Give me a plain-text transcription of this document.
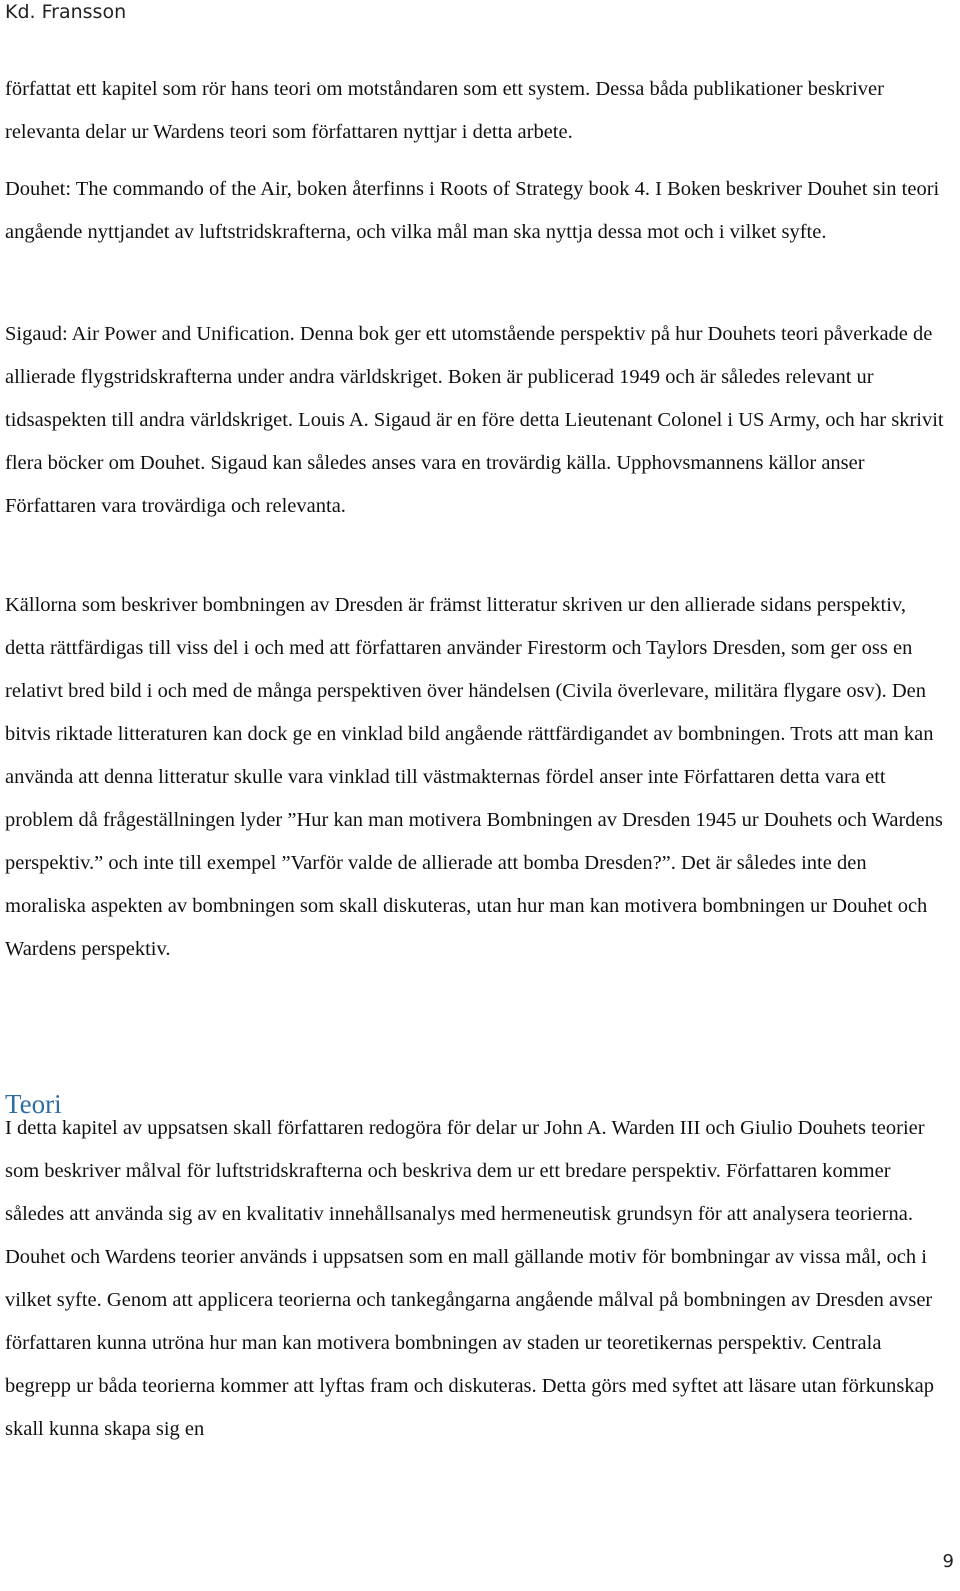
Kd. Fransson

författat ett kapitel som rör hans teori om motståndaren som ett system. Dessa båda publikationer beskriver relevanta delar ur Wardens teori som författaren nyttjar i detta arbete.

Douhet: The commando of the Air, boken återfinns i Roots of Strategy book 4. I Boken beskriver Douhet sin teori angående nyttjandet av luftstridskrafterna, och vilka mål man ska nyttja dessa mot och i vilket syfte.

Sigaud: Air Power and Unification. Denna bok ger ett utomstående perspektiv på hur Douhets teori påverkade de allierade flygstridskrafterna under andra världskriget. Boken är publicerad 1949 och är således relevant ur tidsaspekten till andra världskriget. Louis A. Sigaud är en före detta Lieutenant Colonel i US Army, och har skrivit flera böcker om Douhet. Sigaud kan således anses vara en trovärdig källa. Upphovsmannens källor anser Författaren vara trovärdiga och relevanta.

Källorna som beskriver bombningen av Dresden är främst litteratur skriven ur den allierade sidans perspektiv, detta rättfärdigas till viss del i och med att författaren använder Firestorm och Taylors Dresden, som ger oss en relativt bred bild i och med de många perspektiven över händelsen (Civila överlevare, militära flygare osv). Den bitvis riktade litteraturen kan dock ge en vinklad bild angående rättfärdigandet av bombningen. Trots att man kan använda att denna litteratur skulle vara vinklad till västmakternas fördel anser inte Författaren detta vara ett problem då frågeställningen lyder ”Hur kan man motivera Bombningen av Dresden 1945 ur Douhets och Wardens perspektiv.” och inte till exempel ”Varför valde de allierade att bomba Dresden?”. Det är således inte den moraliska aspekten av bombningen som skall diskuteras, utan hur man kan motivera bombningen ur Douhet och Wardens perspektiv.

Teori

I detta kapitel av uppsatsen skall författaren redogöra för delar ur John A. Warden III och Giulio Douhets teorier som beskriver målval för luftstridskrafterna och beskriva dem ur ett bredare perspektiv. Författaren kommer således att använda sig av en kvalitativ innehållsanalys med hermeneutisk grundsyn för att analysera teorierna. Douhet och Wardens teorier används i uppsatsen som en mall gällande motiv för bombningar av vissa mål, och i vilket syfte. Genom att applicera teorierna och tankegångarna angående målval på bombningen av Dresden avser författaren kunna utröna hur man kan motivera bombningen av staden ur teoretikernas perspektiv. Centrala begrepp ur båda teorierna kommer att lyftas fram och diskuteras. Detta görs med syftet att läsare utan förkunskap skall kunna skapa sig en

9
